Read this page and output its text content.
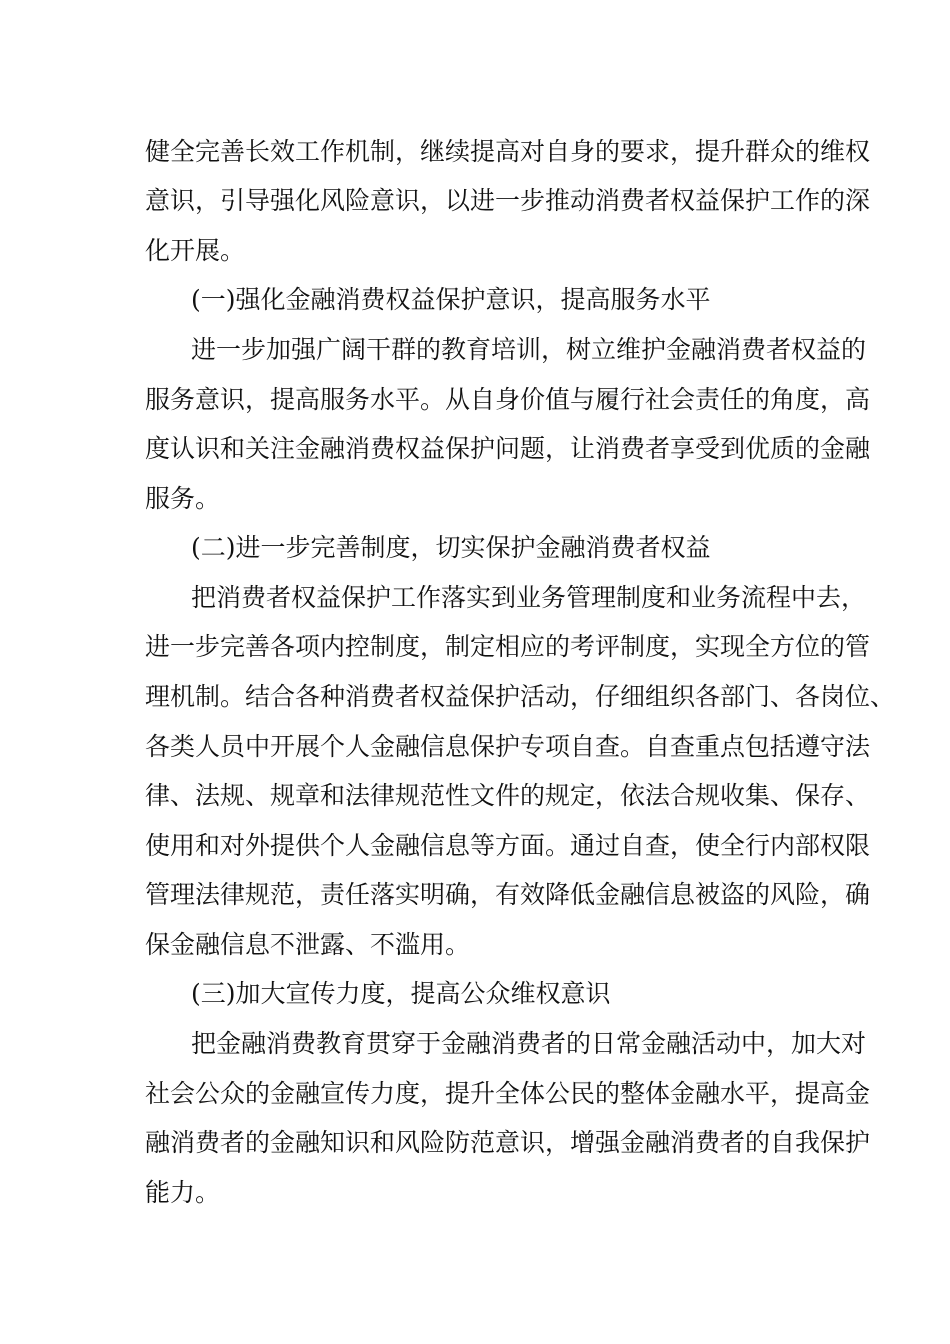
健全完善长效工作机制，继续提高对自身的要求，提升群众的维权

意识，引导强化风险意识，以进一步推动消费者权益保护工作的深

化开展。

(一)强化金融消费权益保护意识，提高服务水平

进一步加强广阔干群的教育培训，树立维护金融消费者权益的

服务意识，提高服务水平。从自身价值与履行社会责任的角度，高

度认识和关注金融消费权益保护问题，让消费者享受到优质的金融

服务。

(二)进一步完善制度，切实保护金融消费者权益

把消费者权益保护工作落实到业务管理制度和业务流程中去，

进一步完善各项内控制度，制定相应的考评制度，实现全方位的管

理机制。结合各种消费者权益保护活动，仔细组织各部门、各岗位、

各类人员中开展个人金融信息保护专项自查。自查重点包括遵守法

律、法规、规章和法律规范性文件的规定，依法合规收集、保存、

使用和对外提供个人金融信息等方面。通过自查，使全行内部权限

管理法律规范，责任落实明确，有效降低金融信息被盗的风险，确

保金融信息不泄露、不滥用。

(三)加大宣传力度，提高公众维权意识

把金融消费教育贯穿于金融消费者的日常金融活动中，加大对

社会公众的金融宣传力度，提升全体公民的整体金融水平，提高金

融消费者的金融知识和风险防范意识，增强金融消费者的自我保护

能力。
